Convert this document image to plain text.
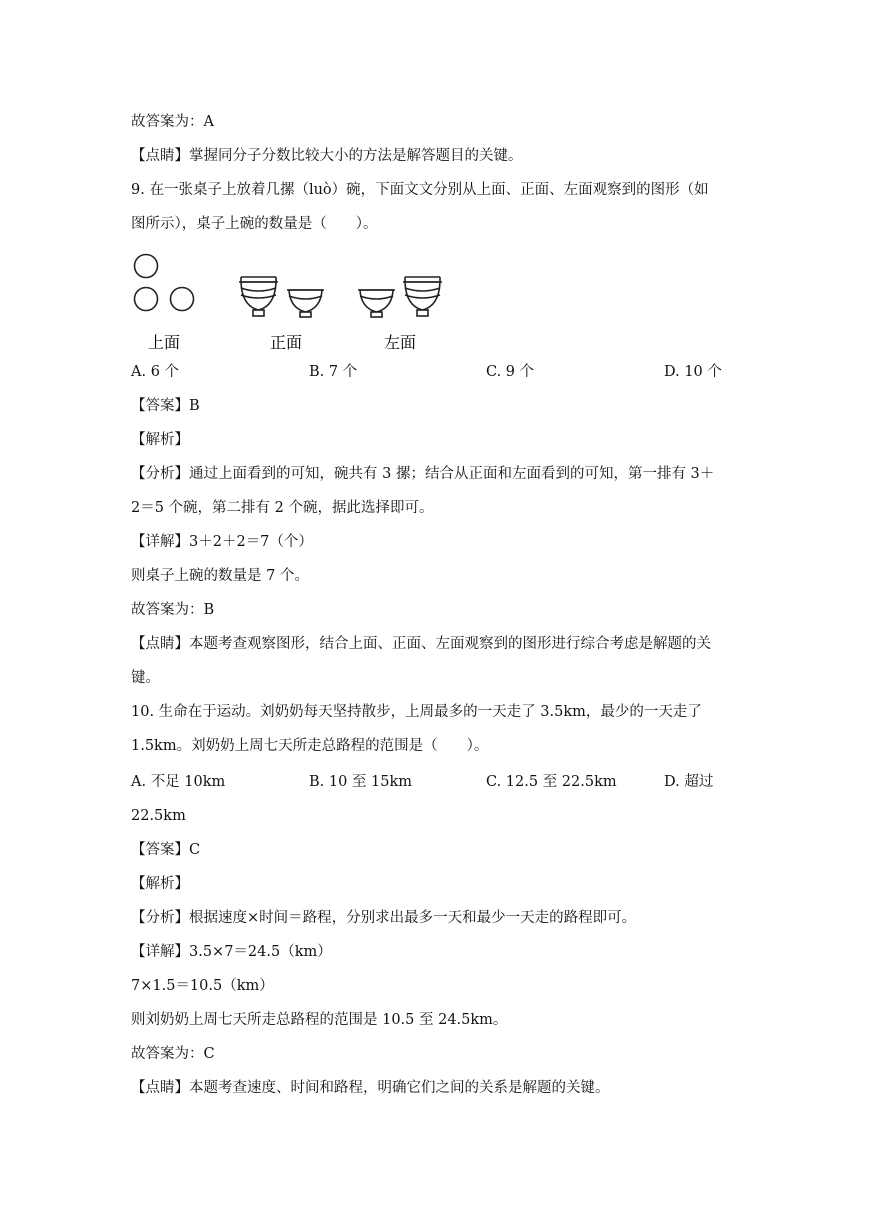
故答案为：A
【点睛】掌握同分子分数比较大小的方法是解答题目的关键。
9. 在一张桌子上放着几摞（luò）碗，下面文文分别从上面、正面、左面观察到的图形（如
图所示），桌子上碗的数量是（　　）。
上面	正面	左面
A. 6 个	B. 7 个	C. 9 个	D. 10 个
【答案】B
【解析】
【分析】通过上面看到的可知，碗共有 3 摞；结合从正面和左面看到的可知，第一排有 3＋
2＝5 个碗，第二排有 2 个碗，据此选择即可。
【详解】3＋2＋2＝7（个）
则桌子上碗的数量是 7 个。
故答案为：B
【点睛】本题考查观察图形，结合上面、正面、左面观察到的图形进行综合考虑是解题的关
键。
10. 生命在于运动。刘奶奶每天坚持散步，上周最多的一天走了 3.5km，最少的一天走了
1.5km。刘奶奶上周七天所走总路程的范围是（　　）。
A. 不足 10km	B. 10 至 15km	C. 12.5 至 22.5km	D. 超过
22.5km
【答案】C
【解析】
【分析】根据速度×时间＝路程，分别求出最多一天和最少一天走的路程即可。
【详解】3.5×7＝24.5（km）
7×1.5＝10.5（km）
则刘奶奶上周七天所走总路程的范围是 10.5 至 24.5km。
故答案为：C
【点睛】本题考查速度、时间和路程，明确它们之间的关系是解题的关键。
